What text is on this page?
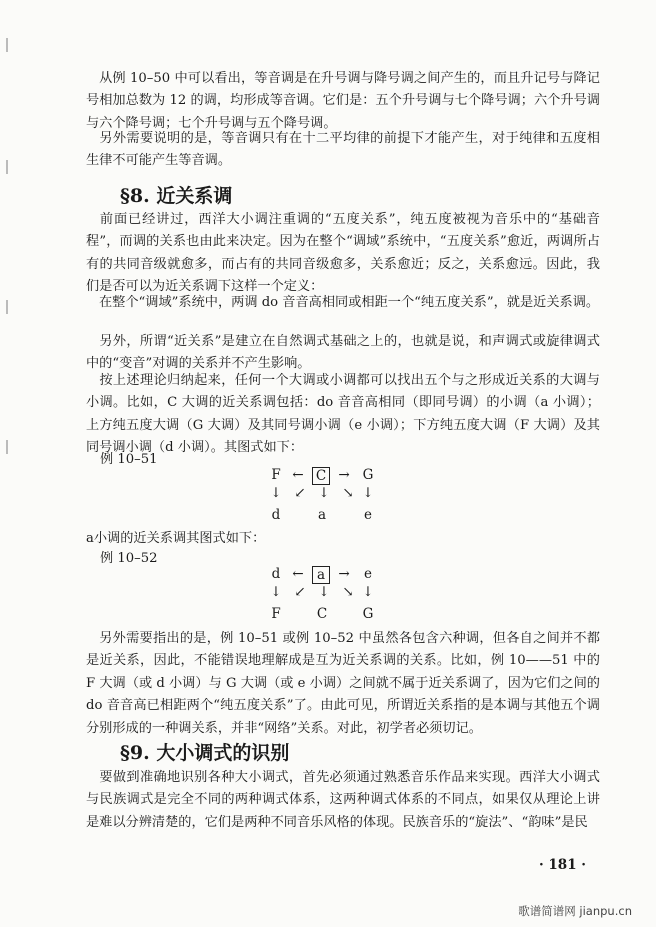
从例 10–50 中可以看出，等音调是在升号调与降号调之间产生的，而且升记号与降记号相加总数为 12 的调，均形成等音调。它们是：五个升号调与七个降号调；六个升号调与六个降号调；七个升号调与五个降号调。
另外需要说明的是，等音调只有在十二平均律的前提下才能产生，对于纯律和五度相生律不可能产生等音调。
§8. 近关系调
前面已经讲过，西洋大小调注重调的“五度关系”，纯五度被视为音乐中的“基础音程”，而调的关系也由此来决定。因为在整个“调域”系统中，“五度关系”愈近，两调所占有的共同音级就愈多，而占有的共同音级愈多，关系愈近；反之，关系愈远。因此，我们是否可以为近关系调下这样一个定义：
在整个“调域”系统中，两调 do 音音高相同或相距一个“纯五度关系”，就是近关系调。
另外，所谓“近关系”是建立在自然调式基础之上的，也就是说，和声调式或旋律调式中的“变音”对调的关系并不产生影响。
按上述理论归纳起来，任何一个大调或小调都可以找出五个与之形成近关系的大调与小调。比如，C 大调的近关系调包括：do 音音高相同（即同号调）的小调（a 小调）；上方纯五度大调（G 大调）及其同号调小调（e 小调）；下方纯五度大调（F 大调）及其同号调小调（d 小调）。其图式如下：
例 10–51
F ← C → G
↓ ↙ ↓ ↘ ↓
d	a	e
a小调的近关系调其图式如下：
例 10–52
d ← a →	e
↓ ↙ ↓ ↘ ↓
F	C	G
另外需要指出的是，例 10–51 或例 10–52 中虽然各包含六种调，但各自之间并不都是近关系，因此，不能错误地理解成是互为近关系调的关系。比如，例 10——51 中的 F 大调（或 d 小调）与 G 大调（或 e 小调）之间就不属于近关系调了，因为它们之间的 do 音音高已相距两个“纯五度关系”了。由此可见，所谓近关系指的是本调与其他五个调分别形成的一种调关系，并非“网络”关系。对此，初学者必须切记。
§9. 大小调式的识别
要做到准确地识别各种大小调式，首先必须通过熟悉音乐作品来实现。西洋大小调式与民族调式是完全不同的两种调式体系，这两种调式体系的不同点，如果仅从理论上讲是难以分辨清楚的，它们是两种不同音乐风格的体现。民族音乐的“旋法”、“韵味”是民
· 181 ·
歌谱简谱网 jianpu.cn
